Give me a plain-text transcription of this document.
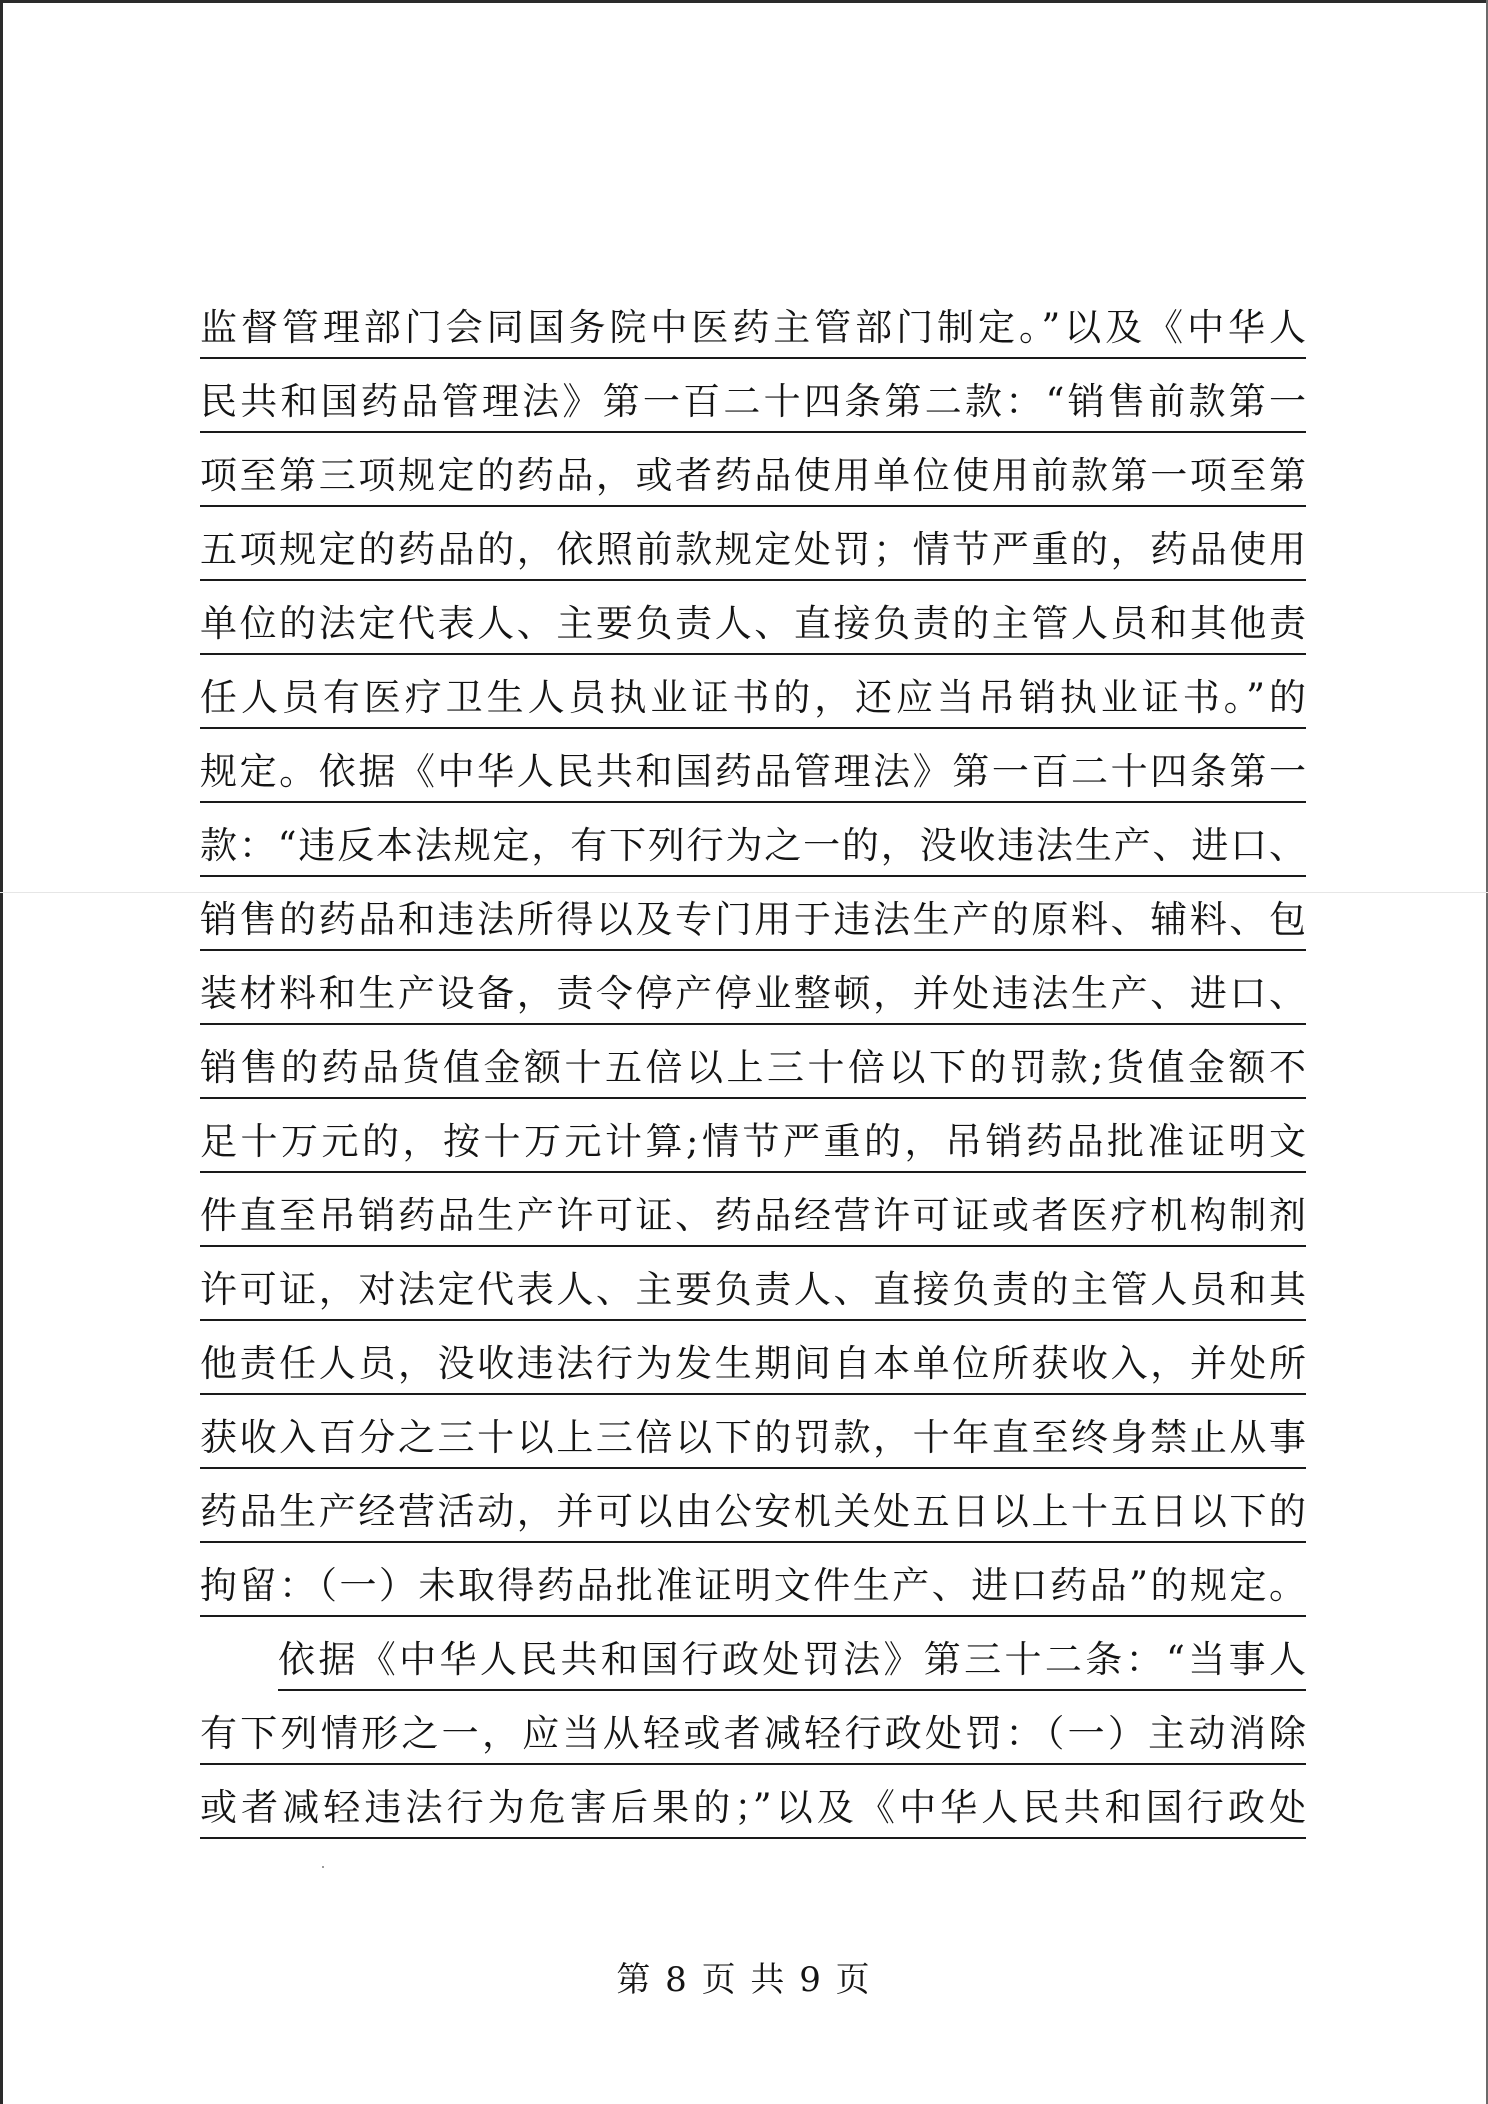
监督管理部门会同国务院中医药主管部门制定。”以及《中华人
民共和国药品管理法》第一百二十四条第二款：“销售前款第一
项至第三项规定的药品，或者药品使用单位使用前款第一项至第
五项规定的药品的，依照前款规定处罚；情节严重的，药品使用
单位的法定代表人、主要负责人、直接负责的主管人员和其他责
任人员有医疗卫生人员执业证书的，还应当吊销执业证书。”的
规定。依据《中华人民共和国药品管理法》第一百二十四条第一
款：“违反本法规定，有下列行为之一的，没收违法生产、进口、
销售的药品和违法所得以及专门用于违法生产的原料、辅料、包
装材料和生产设备，责令停产停业整顿，并处违法生产、进口、
销售的药品货值金额十五倍以上三十倍以下的罚款;货值金额不
足十万元的，按十万元计算;情节严重的，吊销药品批准证明文
件直至吊销药品生产许可证、药品经营许可证或者医疗机构制剂
许可证，对法定代表人、主要负责人、直接负责的主管人员和其
他责任人员，没收违法行为发生期间自本单位所获收入，并处所
获收入百分之三十以上三倍以下的罚款，十年直至终身禁止从事
药品生产经营活动，并可以由公安机关处五日以上十五日以下的
拘留：（一）未取得药品批准证明文件生产、进口药品”的规定。
依据《中华人民共和国行政处罚法》第三十二条：“当事人
有下列情形之一，应当从轻或者减轻行政处罚：（一）主动消除
或者减轻违法行为危害后果的；”以及《中华人民共和国行政处
第 8 页 共 9 页
